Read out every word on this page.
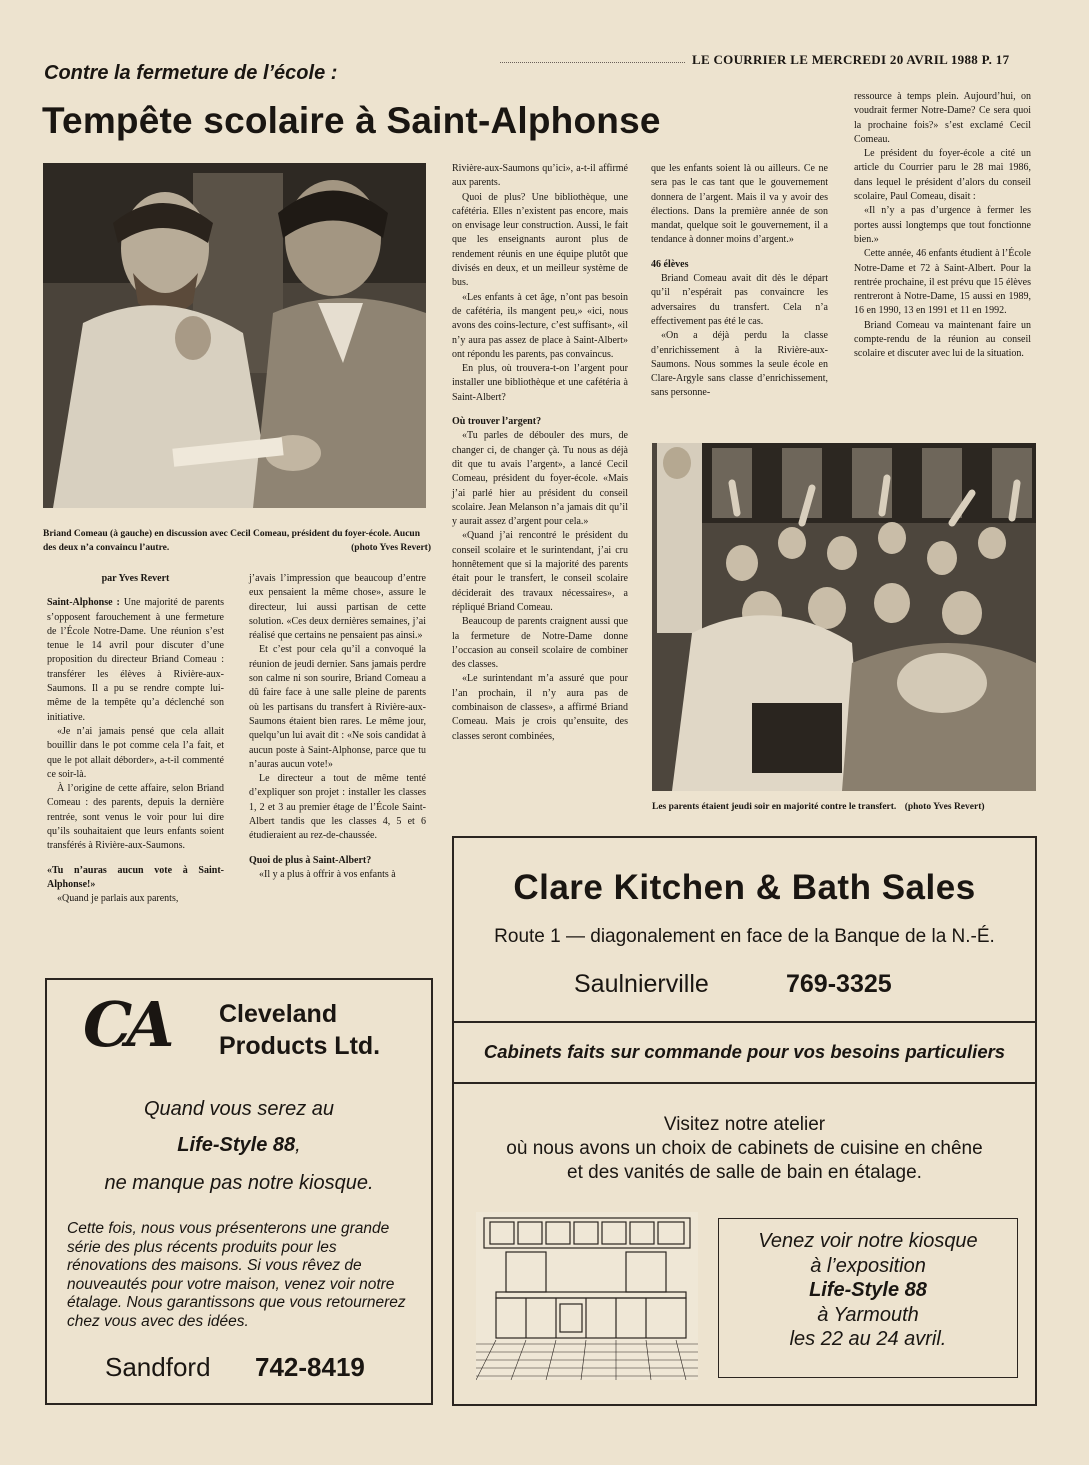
LE COURRIER LE MERCREDI 20 AVRIL 1988 P. 17
Contre la fermeture de l’école :
Tempête scolaire à Saint-Alphonse
Briand Comeau (à gauche) en discussion avec Cecil Comeau, président du foyer-école. Aucun des deux n’a convaincu l’autre.	(photo Yves Revert)
par Yves Revert

Saint-Alphonse : Une majorité de parents s’opposent farouchement à une fermeture de l’École Notre-Dame. Une réunion s’est tenue le 14 avril pour discuter d’une proposition du directeur Briand Comeau : transférer les élèves à Rivière-aux-Saumons. Il a pu se rendre compte lui-même de la tempête qu’a déclenché son initiative.

«Je n’ai jamais pensé que cela allait bouillir dans le pot comme cela l’a fait, et que le pot allait déborder», a-t-il commenté ce soir-là.

À l’origine de cette affaire, selon Briand Comeau : des parents, depuis la dernière rentrée, sont venus le voir pour lui dire qu’ils souhaitaient que leurs enfants soient transférés à Rivière-aux-Saumons.

«Tu n’auras aucun vote à Saint-Alphonse!»

«Quand je parlais aux parents,

j’avais l’impression que beaucoup d’entre eux pensaient la même chose», assure le directeur, lui aussi partisan de cette solution. «Ces deux dernières semaines, j’ai réalisé que certains ne pensaient pas ainsi.»

Et c’est pour cela qu’il a convoqué la réunion de jeudi dernier. Sans jamais perdre son calme ni son sourire, Briand Comeau a dû faire face à une salle pleine de parents où les partisans du transfert à Rivière-aux-Saumons étaient bien rares. Le même jour, quelqu’un lui avait dit : «Ne sois candidat à aucun poste à Saint-Alphonse, parce que tu n’auras aucun vote!»

Le directeur a tout de même tenté d’expliquer son projet : installer les classes 1, 2 et 3 au premier étage de l’École Saint-Albert tandis que les classes 4, 5 et 6 étudieraient au rez-de-chaussée.

Quoi de plus à Saint-Albert?

«Il y a plus à offrir à vos enfants à

Rivière-aux-Saumons qu’ici», a-t-il affirmé aux parents.

Quoi de plus? Une bibliothèque, une cafétéria. Elles n’existent pas encore, mais on envisage leur construction. Aussi, le fait que les enseignants auront plus de rendement réunis en une équipe plutôt que divisés en deux, et un meilleur système de bus.

«Les enfants à cet âge, n’ont pas besoin de cafétéria, ils mangent peu,» «ici, nous avons des coins-lecture, c’est suffisant», «il n’y aura pas assez de place à Saint-Albert» ont répondu les parents, pas convaincus.

En plus, où trouvera-t-on l’argent pour installer une bibliothèque et une cafétéria à Saint-Albert?

Où trouver l’argent?

«Tu parles de débouler des murs, de changer ci, de changer çà. Tu nous as déjà dit que tu avais l’argent», a lancé Cecil Comeau, président du foyer-école. «Mais j’ai parlé hier au président du conseil scolaire. Jean Melanson n’a jamais dit qu’il y aurait assez d’argent pour cela.»

«Quand j’ai rencontré le président du conseil scolaire et le surintendant, j’ai cru honnêtement que si la majorité des parents était pour le transfert, le conseil scolaire déciderait des travaux nécessaires», a répliqué Briand Comeau.

Beaucoup de parents craignent aussi que la fermeture de Notre-Dame donne l’occasion au conseil scolaire de combiner des classes.

«Le surintendant m’a assuré que pour l’an prochain, il n’y aura pas de combinaison de classes», a affirmé Briand Comeau. Mais je crois qu’ensuite, des classes seront combinées,

que les enfants soient là ou ailleurs. Ce ne sera pas le cas tant que le gouvernement donnera de l’argent. Mais il va y avoir des élections. Dans la première année de son mandat, quelque soit le gouvernement, il a tendance à donner moins d’argent.»

46 élèves

Briand Comeau avait dit dès le départ qu’il n’espérait pas convaincre les adversaires du transfert. Cela n’a effectivement pas été le cas.

«On a déjà perdu la classe d’enrichissement à la Rivière-aux-Saumons. Nous sommes la seule école en Clare-Argyle sans classe d’enrichissement, sans personne-

ressource à temps plein. Aujourd’hui, on voudrait fermer Notre-Dame? Ce sera quoi la prochaine fois?» s’est exclamé Cecil Comeau.

Le président du foyer-école a cité un article du Courrier paru le 28 mai 1986, dans lequel le président d’alors du conseil scolaire, Paul Comeau, disait :

«Il n’y a pas d’urgence à fermer les portes aussi longtemps que tout fonctionne bien.»

Cette année, 46 enfants étudient à l’École Notre-Dame et 72 à Saint-Albert. Pour la rentrée prochaine, il est prévu que 15 élèves rentreront à Notre-Dame, 15 aussi en 1989, 16 en 1990, 13 en 1991 et 11 en 1992.

Briand Comeau va maintenant faire un compte-rendu de la réunion au conseil scolaire et discuter avec lui de la situation.

Les parents étaient jeudi soir en majorité contre le transfert. (photo Yves Revert)
CA Cleveland
Products Ltd.
Quand vous serez au
Life-Style 88,
ne manque pas notre kiosque.
Cette fois, nous vous présenterons une grande série des plus récents produits pour les rénovations des maisons. Si vous rêvez de nouveautés pour votre maison, venez voir notre étalage. Nous garantissons que vous retournerez chez vous avec des idées.
Sandford 742-8419
Clare Kitchen & Bath Sales
Route 1 — diagonalement en face de la Banque de la N.-É.
Saulnierville	769-3325
Cabinets faits sur commande pour vos besoins particuliers
Visitez notre atelier
où nous avons un choix de cabinets de cuisine en chêne
et des vanités de salle de bain en étalage.
Venez voir notre kiosque
à l’exposition
Life-Style 88
à Yarmouth
les 22 au 24 avril.
